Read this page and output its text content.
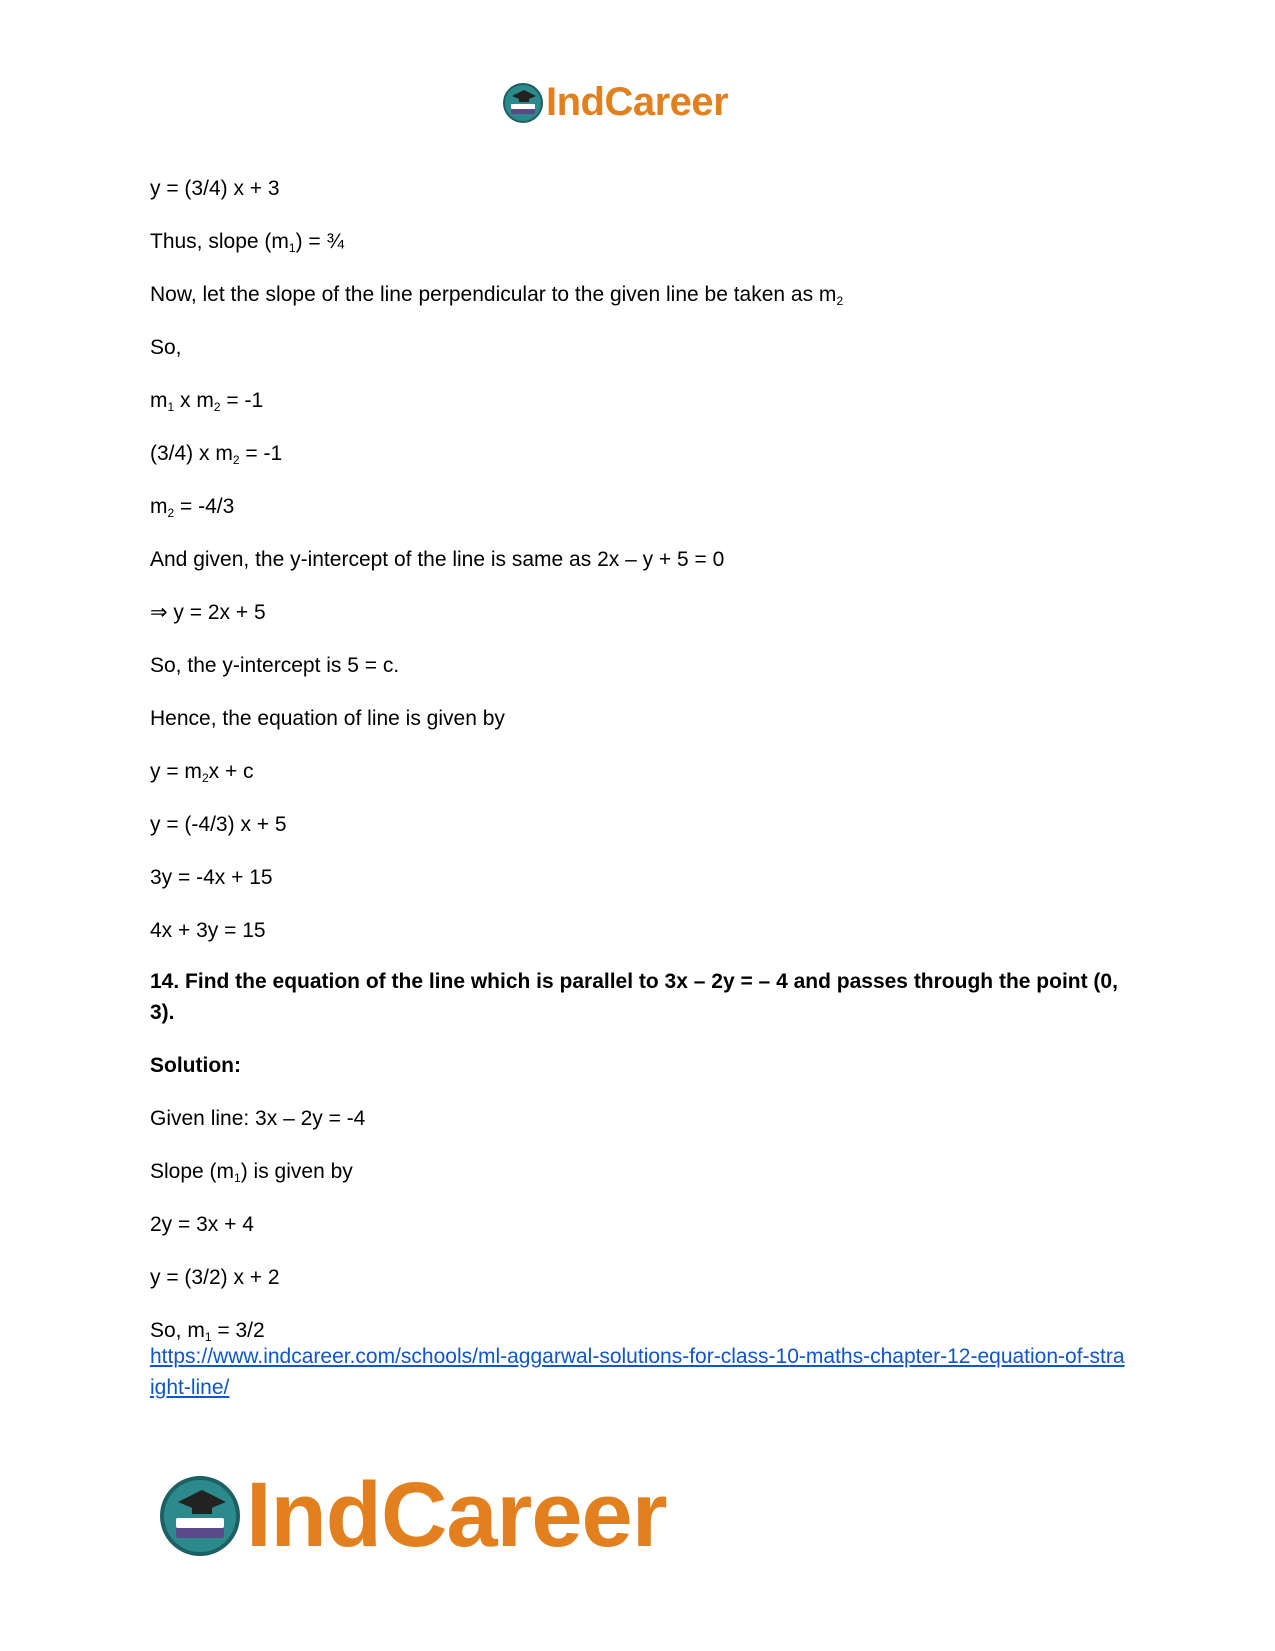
IndCareer
y = (3/4) x + 3
Thus, slope $(m_1)$ = ¾
Now, let the slope of the line perpendicular to the given line be taken as $m_2$
So,
$m_1$ x $m_2 = -1$
(3/4) x $m_2 = -1$
$m_2 = -4/3$
And given, the y-intercept of the line is same as 2x – y + 5 = 0
⇒ y = 2x + 5
So, the y-intercept is 5 = c.
Hence, the equation of line is given by
$y = m_2x + c$
y = (-4/3) x + 5
3y = -4x + 15
4x + 3y = 15
14. Find the equation of the line which is parallel to 3x – 2y = – 4 and passes through the point (0, 3).
Solution:
Given line: 3x – 2y = -4
Slope $(m_1)$ is given by
2y = 3x + 4
y = (3/2) x + 2
So, $m_1 = 3/2$
https://www.indcareer.com/schools/ml-aggarwal-solutions-for-class-10-maths-chapter-12-equation-of-straight-line/
IndCareer
